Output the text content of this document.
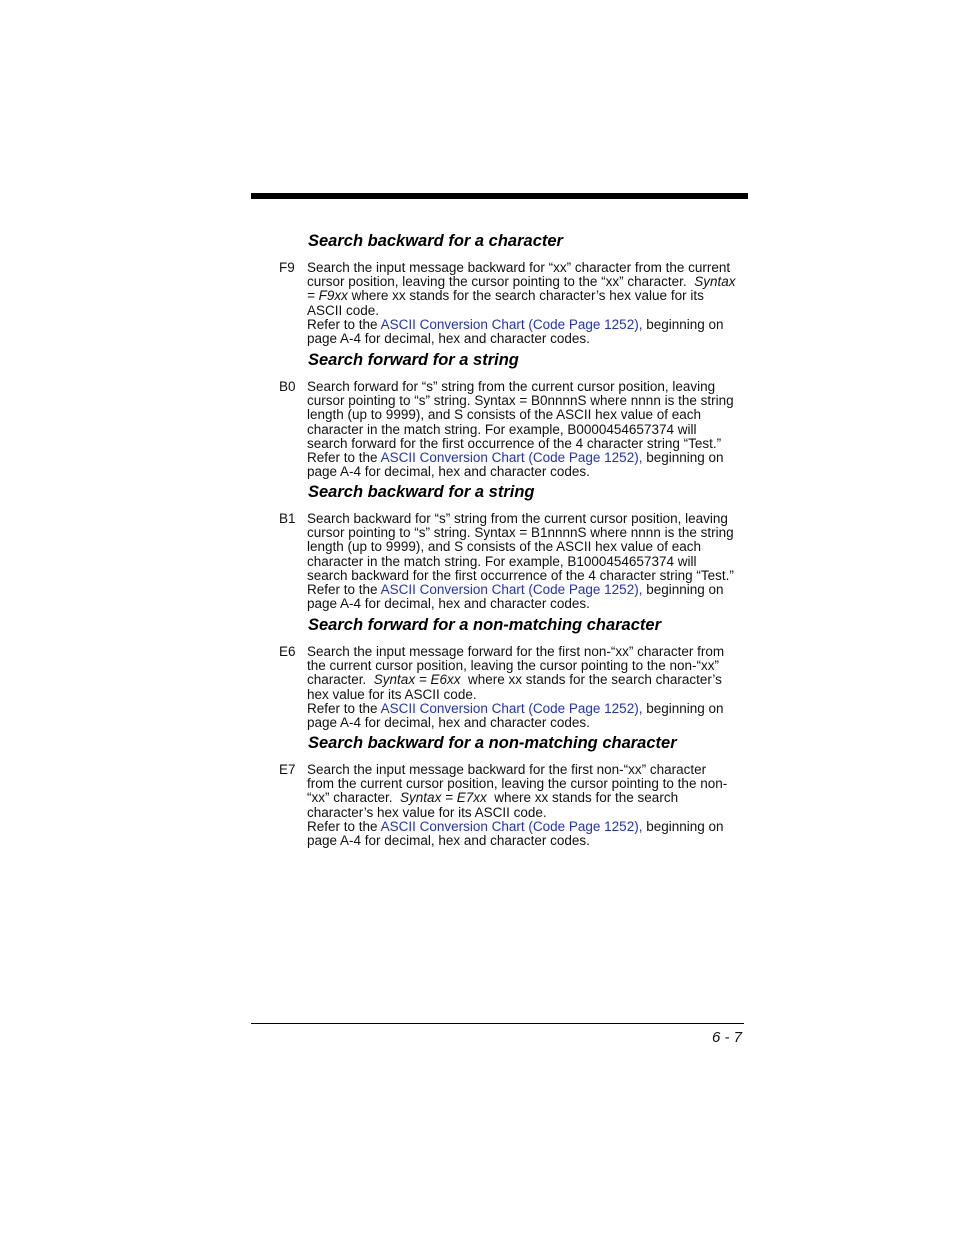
Search backward for a character
F9 Search the input message backward for “xx” character from the current
cursor position, leaving the cursor pointing to the “xx” character. Syntax
= F9xx where xx stands for the search character’s hex value for its
ASCII code.
Refer to the ASCII Conversion Chart (Code Page 1252), beginning on
page A-4 for decimal, hex and character codes.
Search forward for a string
B0 Search forward for “s” string from the current cursor position, leaving
cursor pointing to “s” string. Syntax = B0nnnnS where nnnn is the string
length (up to 9999), and S consists of the ASCII hex value of each
character in the match string. For example, B0000454657374 will
search forward for the first occurrence of the 4 character string “Test.”
Refer to the ASCII Conversion Chart (Code Page 1252), beginning on
page A-4 for decimal, hex and character codes.
Search backward for a string
B1 Search backward for “s” string from the current cursor position, leaving
cursor pointing to “s” string. Syntax = B1nnnnS where nnnn is the string
length (up to 9999), and S consists of the ASCII hex value of each
character in the match string. For example, B1000454657374 will
search backward for the first occurrence of the 4 character string “Test.”
Refer to the ASCII Conversion Chart (Code Page 1252), beginning on
page A-4 for decimal, hex and character codes.
Search forward for a non-matching character
E6 Search the input message forward for the first non-“xx” character from
the current cursor position, leaving the cursor pointing to the non-“xx”
character. Syntax = E6xx where xx stands for the search character’s
hex value for its ASCII code.
Refer to the ASCII Conversion Chart (Code Page 1252), beginning on
page A-4 for decimal, hex and character codes.
Search backward for a non-matching character
E7 Search the input message backward for the first non-“xx” character
from the current cursor position, leaving the cursor pointing to the non-
“xx” character. Syntax = E7xx where xx stands for the search
character’s hex value for its ASCII code.
Refer to the ASCII Conversion Chart (Code Page 1252), beginning on
page A-4 for decimal, hex and character codes.
6 - 7
